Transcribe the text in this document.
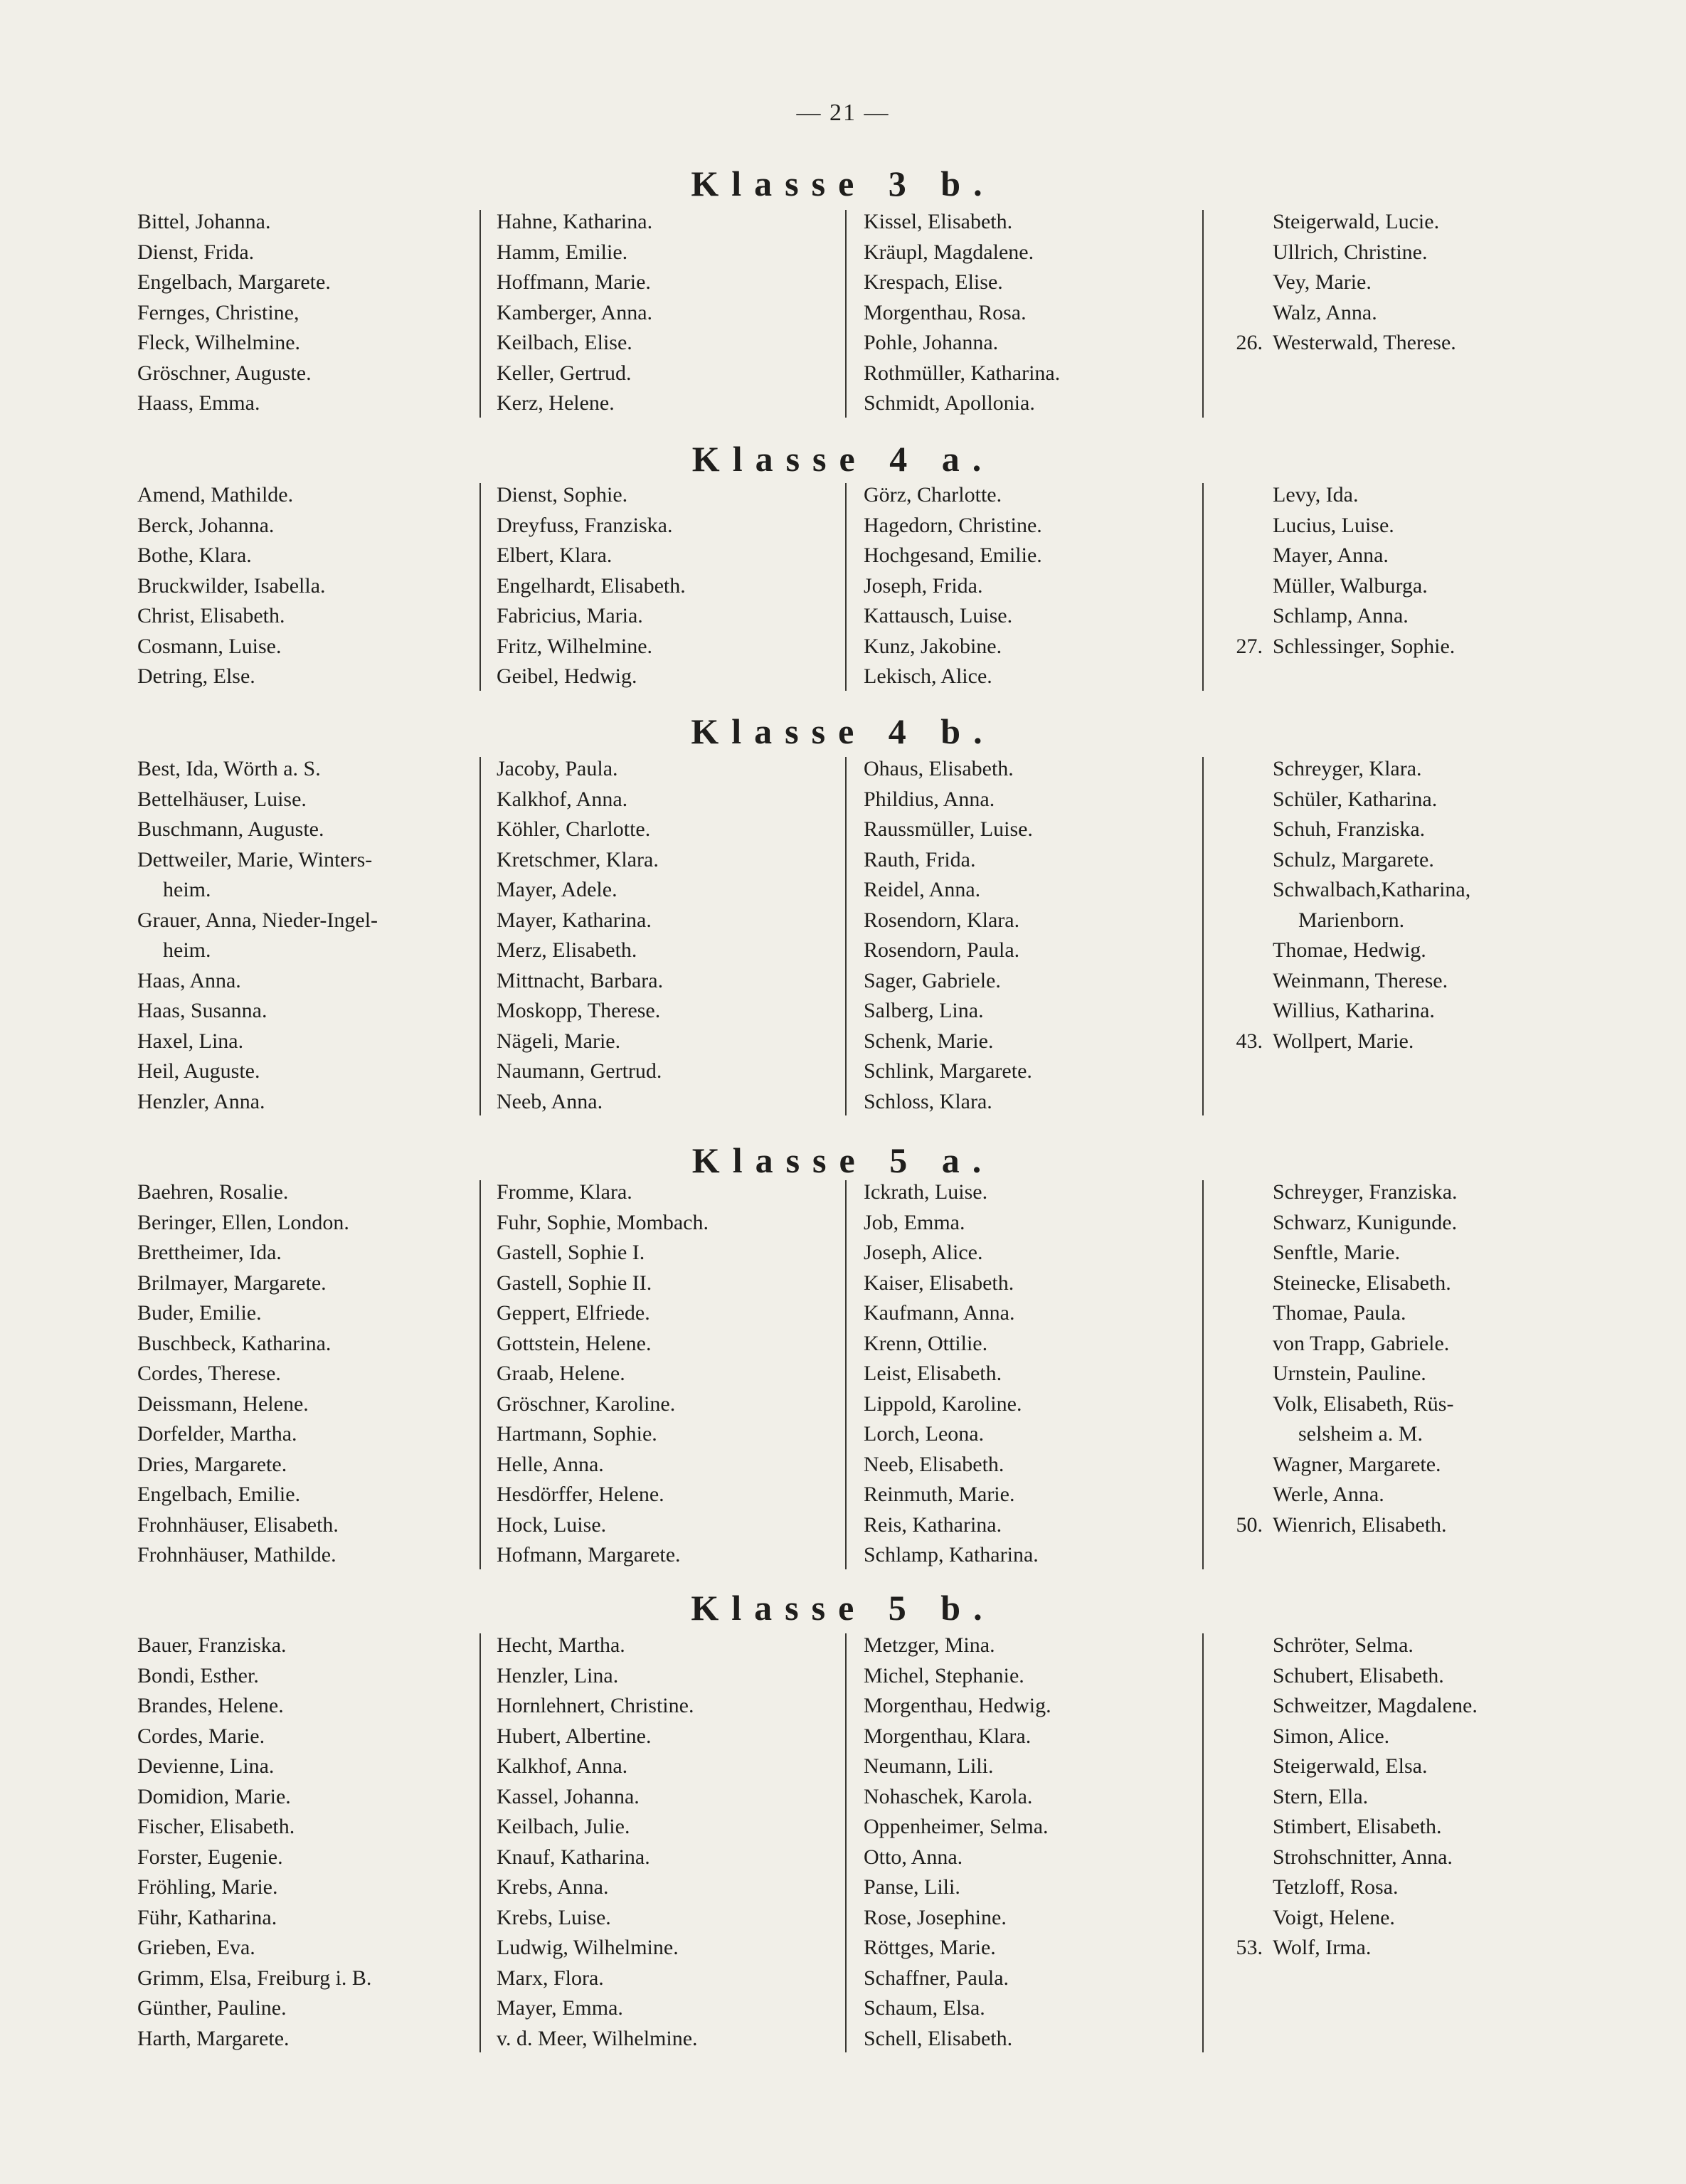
— 21 —
Klasse 3 b.
Bittel, Johanna.
Dienst, Frida.
Engelbach, Margarete.
Fernges, Christine,
Fleck, Wilhelmine.
Gröschner, Auguste.
Haass, Emma.
Hahne, Katharina.
Hamm, Emilie.
Hoffmann, Marie.
Kamberger, Anna.
Keilbach, Elise.
Keller, Gertrud.
Kerz, Helene.
Kissel, Elisabeth.
Kräupl, Magdalene.
Krespach, Elise.
Morgenthau, Rosa.
Pohle, Johanna.
Rothmüller, Katharina.
Schmidt, Apollonia.
Steigerwald, Lucie.
Ullrich, Christine.
Vey, Marie.
Walz, Anna.
26. Westerwald, Therese.
Klasse 4 a.
Amend, Mathilde.
Berck, Johanna.
Bothe, Klara.
Bruckwilder, Isabella.
Christ, Elisabeth.
Cosmann, Luise.
Detring, Else.
Dienst, Sophie.
Dreyfuss, Franziska.
Elbert, Klara.
Engelhardt, Elisabeth.
Fabricius, Maria.
Fritz, Wilhelmine.
Geibel, Hedwig.
Görz, Charlotte.
Hagedorn, Christine.
Hochgesand, Emilie.
Joseph, Frida.
Kattausch, Luise.
Kunz, Jakobine.
Lekisch, Alice.
Levy, Ida.
Lucius, Luise.
Mayer, Anna.
Müller, Walburga.
Schlamp, Anna.
27. Schlessinger, Sophie.
Klasse 4 b.
Best, Ida, Wörth a. S.
Bettelhäuser, Luise.
Buschmann, Auguste.
Dettweiler, Marie, Winters-
heim.
Grauer, Anna, Nieder-Ingel-
heim.
Haas, Anna.
Haas, Susanna.
Haxel, Lina.
Heil, Auguste.
Henzler, Anna.
Jacoby, Paula.
Kalkhof, Anna.
Köhler, Charlotte.
Kretschmer, Klara.
Mayer, Adele.
Mayer, Katharina.
Merz, Elisabeth.
Mittnacht, Barbara.
Moskopp, Therese.
Nägeli, Marie.
Naumann, Gertrud.
Neeb, Anna.
Ohaus, Elisabeth.
Phildius, Anna.
Raussmüller, Luise.
Rauth, Frida.
Reidel, Anna.
Rosendorn, Klara.
Rosendorn, Paula.
Sager, Gabriele.
Salberg, Lina.
Schenk, Marie.
Schlink, Margarete.
Schloss, Klara.
Schreyger, Klara.
Schüler, Katharina.
Schuh, Franziska.
Schulz, Margarete.
Schwalbach,Katharina,
Marienborn.
Thomae, Hedwig.
Weinmann, Therese.
Willius, Katharina.
43. Wollpert, Marie.
Klasse 5 a.
Baehren, Rosalie.
Beringer, Ellen, London.
Brettheimer, Ida.
Brilmayer, Margarete.
Buder, Emilie.
Buschbeck, Katharina.
Cordes, Therese.
Deissmann, Helene.
Dorfelder, Martha.
Dries, Margarete.
Engelbach, Emilie.
Frohnhäuser, Elisabeth.
Frohnhäuser, Mathilde.
Fromme, Klara.
Fuhr, Sophie, Mombach.
Gastell, Sophie I.
Gastell, Sophie II.
Geppert, Elfriede.
Gottstein, Helene.
Graab, Helene.
Gröschner, Karoline.
Hartmann, Sophie.
Helle, Anna.
Hesdörffer, Helene.
Hock, Luise.
Hofmann, Margarete.
Ickrath, Luise.
Job, Emma.
Joseph, Alice.
Kaiser, Elisabeth.
Kaufmann, Anna.
Krenn, Ottilie.
Leist, Elisabeth.
Lippold, Karoline.
Lorch, Leona.
Neeb, Elisabeth.
Reinmuth, Marie.
Reis, Katharina.
Schlamp, Katharina.
Schreyger, Franziska.
Schwarz, Kunigunde.
Senftle, Marie.
Steinecke, Elisabeth.
Thomae, Paula.
von Trapp, Gabriele.
Urnstein, Pauline.
Volk, Elisabeth, Rüs-
selsheim a. M.
Wagner, Margarete.
Werle, Anna.
50. Wienrich, Elisabeth.
Klasse 5 b.
Bauer, Franziska.
Bondi, Esther.
Brandes, Helene.
Cordes, Marie.
Devienne, Lina.
Domidion, Marie.
Fischer, Elisabeth.
Forster, Eugenie.
Fröhling, Marie.
Führ, Katharina.
Grieben, Eva.
Grimm, Elsa, Freiburg i. B.
Günther, Pauline.
Harth, Margarete.
Hecht, Martha.
Henzler, Lina.
Hornlehnert, Christine.
Hubert, Albertine.
Kalkhof, Anna.
Kassel, Johanna.
Keilbach, Julie.
Knauf, Katharina.
Krebs, Anna.
Krebs, Luise.
Ludwig, Wilhelmine.
Marx, Flora.
Mayer, Emma.
v. d. Meer, Wilhelmine.
Metzger, Mina.
Michel, Stephanie.
Morgenthau, Hedwig.
Morgenthau, Klara.
Neumann, Lili.
Nohaschek, Karola.
Oppenheimer, Selma.
Otto, Anna.
Panse, Lili.
Rose, Josephine.
Röttges, Marie.
Schaffner, Paula.
Schaum, Elsa.
Schell, Elisabeth.
Schröter, Selma.
Schubert, Elisabeth.
Schweitzer, Magdalene.
Simon, Alice.
Steigerwald, Elsa.
Stern, Ella.
Stimbert, Elisabeth.
Strohschnitter, Anna.
Tetzloff, Rosa.
Voigt, Helene.
53. Wolf, Irma.
